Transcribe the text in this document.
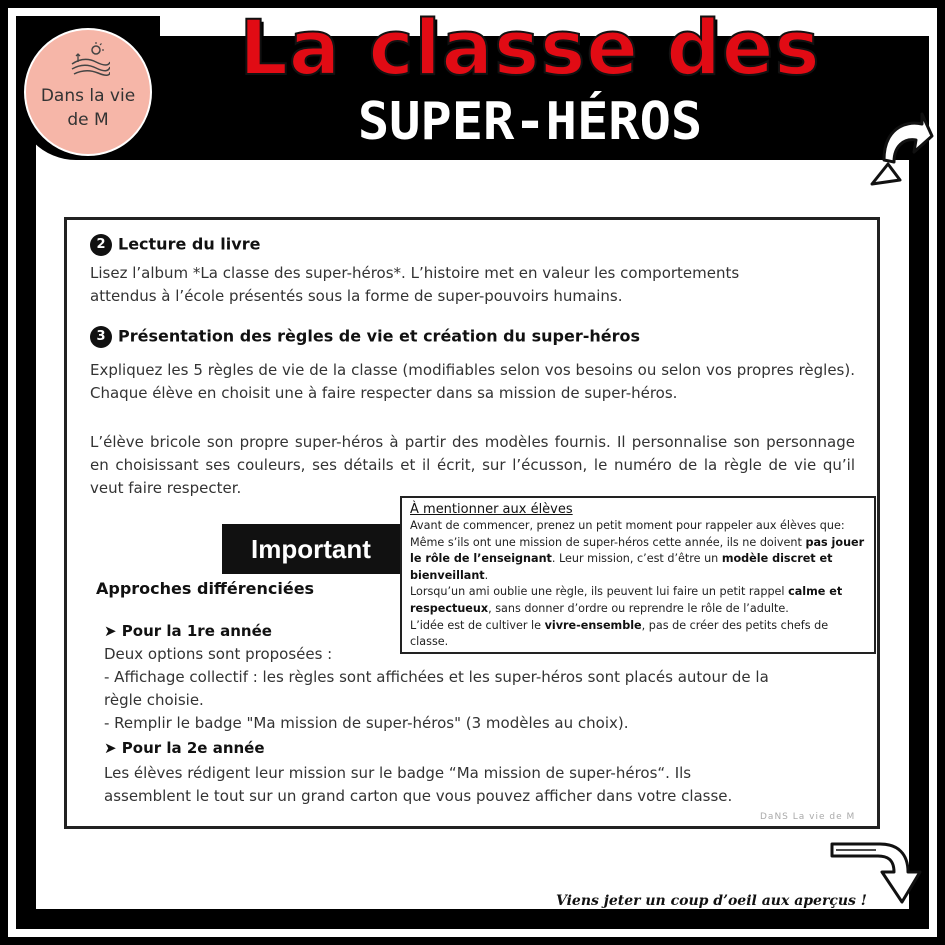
La classe des
SUPER-HÉROS
Dans la vie
de M
2 Lecture du livre
Lisez l’album *La classe des super-héros*. L’histoire met en valeur les comportements
attendus à l’école présentés sous la forme de super-pouvoirs humains.
3 Présentation des règles de vie et création du super-héros
Expliquez les 5 règles de vie de la classe (modifiables selon vos besoins ou selon vos propres règles). Chaque élève en choisit une à faire respecter dans sa mission de super-héros.
L’élève bricole son propre super-héros à partir des modèles fournis. Il personnalise son personnage en choisissant ses couleurs, ses détails et il écrit, sur l’écusson, le numéro de la règle de vie qu’il veut faire respecter.
Important
À mentionner aux élèves
Avant de commencer, prenez un petit moment pour rappeler aux élèves que: Même s’ils ont une mission de super-héros cette année, ils ne doivent pas jouer le rôle de l’enseignant. Leur mission, c’est d’être un modèle discret et bienveillant.
Lorsqu’un ami oublie une règle, ils peuvent lui faire un petit rappel calme et respectueux, sans donner d’ordre ou reprendre le rôle de l’adulte.
L’idée est de cultiver le vivre-ensemble, pas de créer des petits chefs de classe.
Approches différenciées
➤ Pour la 1re année
Deux options sont proposées :
- Affichage collectif : les règles sont affichées et les super-héros sont placés autour de la
règle choisie.
- Remplir le badge "Ma mission de super-héros" (3 modèles au choix).
➤ Pour la 2e année
Les élèves rédigent leur mission sur le badge “Ma mission de super-héros“. Ils
assemblent le tout sur un grand carton que vous pouvez afficher dans votre classe.
DaNS La vie de M
Viens jeter un coup d’oeil aux aperçus !
